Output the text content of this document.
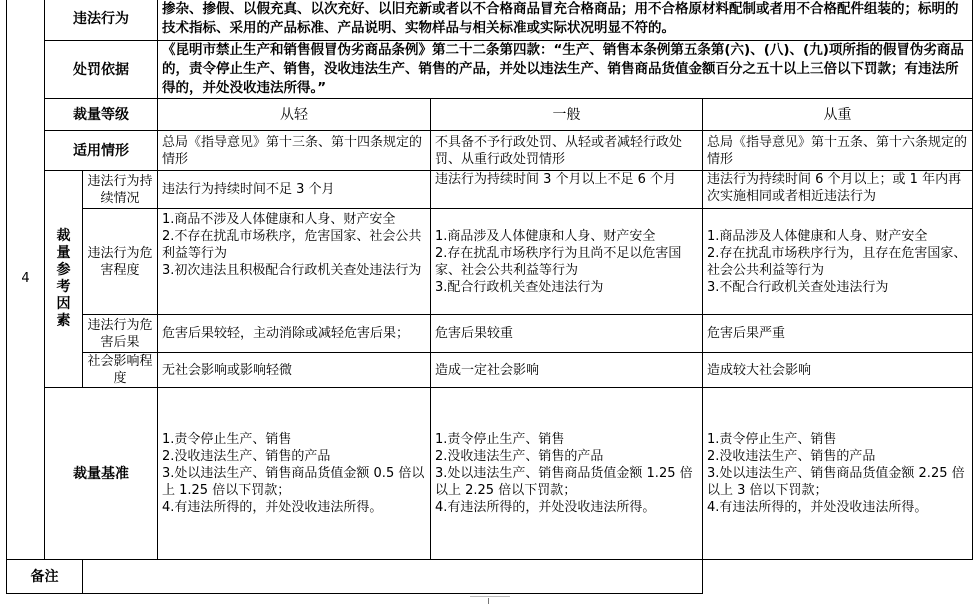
4	违法行为		掺杂、掺假、以假充真、以次充好、以旧充新或者以不合格商品冒充合格商品；用不合格原材料配制或者用不合格配件组装的；标明的技术指标、采用的产品标准、产品说明、实物样品与相关标准或实际状况明显不符的。		
	处罚依据		《昆明市禁止生产和销售假冒伪劣商品条例》第二十二条第四款：“生产、销售本条例第五条第(六)、(八)、(九)项所指的假冒伪劣商品的，责令停止生产、销售，没收违法生产、销售的产品，并处以违法生产、销售商品货值金额百分之五十以上三倍以下罚款；有违法所得的，并处没收违法所得。”		
	裁量等级		从轻	一般	从重
	适用情形		总局《指导意见》第十三条、第十四条规定的情形	不具备不予行政处罚、从轻或者减轻行政处罚、从重行政处罚情形	总局《指导意见》第十五条、第十六条规定的情形

	裁量参考因素	违法行为持续情况	违法行为持续时间不足 3 个月	违法行为持续时间 3 个月以上不足 6 个月	违法行为持续时间 6 个月以上；或 1 年内再次实施相同或者相近违法行为
		违法行为危害程度	1.商品不涉及人体健康和人身、财产安全
2.不存在扰乱市场秩序，危害国家、社会公共利益等行为
3.初次违法且积极配合行政机关查处违法行为	1.商品涉及人体健康和人身、财产安全
2.存在扰乱市场秩序行为且尚不足以危害国家、社会公共利益等行为
3.配合行政机关查处违法行为	1.商品涉及人体健康和人身、财产安全
2.存在扰乱市场秩序行为，且存在危害国家、社会公共利益等行为
3.不配合行政机关查处违法行为

		违法行为危害后果	危害后果较轻，主动消除或减轻危害后果；	危害后果较重	危害后果严重
		社会影响程度	无社会影响或影响轻微	造成一定社会影响	造成较大社会影响
	裁量基准		1.责令停止生产、销售
2.没收违法生产、销售的产品
3.处以违法生产、销售商品货值金额 0.5 倍以上 1.25 倍以下罚款；
4.有违法所得的，并处没收违法所得。	1.责令停止生产、销售
2.没收违法生产、销售的产品
3.处以违法生产、销售商品货值金额 1.25 倍以上 2.25 倍以下罚款；
4.有违法所得的，并处没收违法所得。	1.责令停止生产、销售
2.没收违法生产、销售的产品
3.处以违法生产、销售商品货值金额 2.25 倍以上 3 倍以下罚款；
4.有违法所得的，并处没收违法所得。

备注					
